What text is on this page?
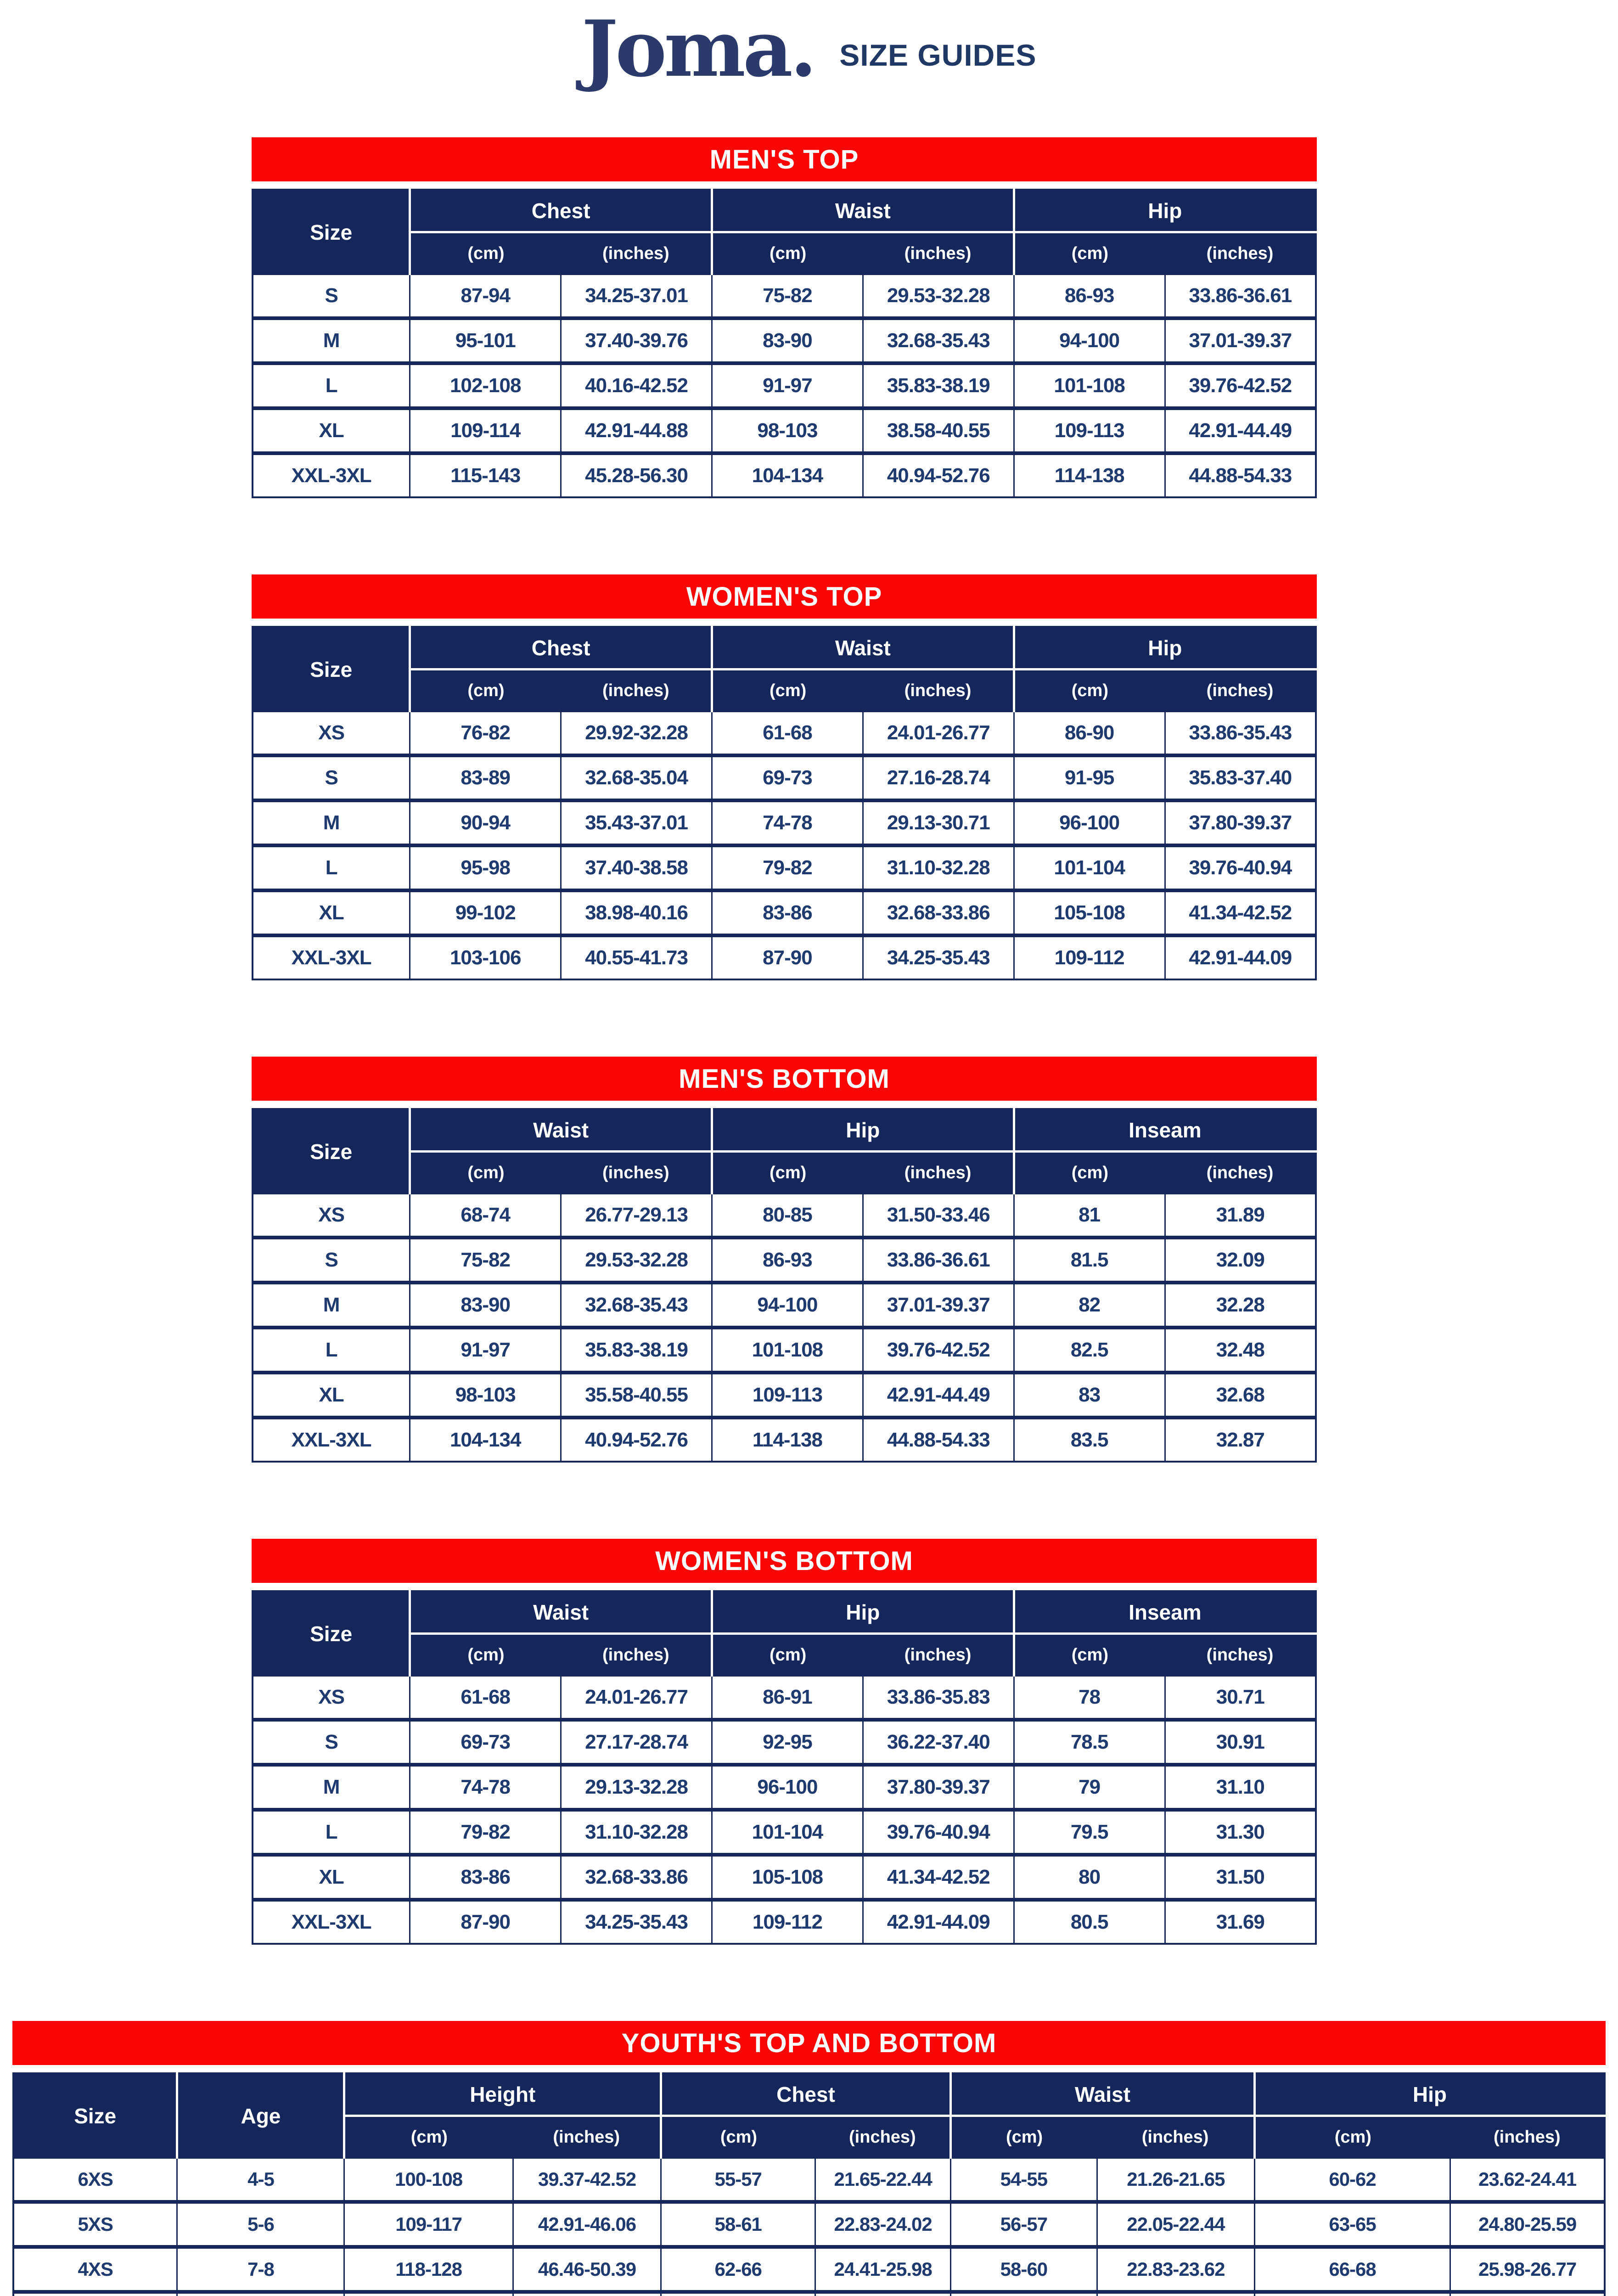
Joma. SIZE GUIDES
MEN'S TOP
Size	Chest		Waist		Hip	
	(cm)	(inches)	(cm)	(inches)	(cm)	(inches)
S	87-94	34.25-37.01	75-82	29.53-32.28	86-93	33.86-36.61
M	95-101	37.40-39.76	83-90	32.68-35.43	94-100	37.01-39.37
L	102-108	40.16-42.52	91-97	35.83-38.19	101-108	39.76-42.52
XL	109-114	42.91-44.88	98-103	38.58-40.55	109-113	42.91-44.49
XXL-3XL	115-143	45.28-56.30	104-134	40.94-52.76	114-138	44.88-54.33
WOMEN'S TOP
Size	Chest		Waist		Hip	
	(cm)	(inches)	(cm)	(inches)	(cm)	(inches)
XS	76-82	29.92-32.28	61-68	24.01-26.77	86-90	33.86-35.43
S	83-89	32.68-35.04	69-73	27.16-28.74	91-95	35.83-37.40
M	90-94	35.43-37.01	74-78	29.13-30.71	96-100	37.80-39.37
L	95-98	37.40-38.58	79-82	31.10-32.28	101-104	39.76-40.94
XL	99-102	38.98-40.16	83-86	32.68-33.86	105-108	41.34-42.52
XXL-3XL	103-106	40.55-41.73	87-90	34.25-35.43	109-112	42.91-44.09
MEN'S BOTTOM
Size	Waist		Hip		Inseam	
	(cm)	(inches)	(cm)	(inches)	(cm)	(inches)
XS	68-74	26.77-29.13	80-85	31.50-33.46	81	31.89
S	75-82	29.53-32.28	86-93	33.86-36.61	81.5	32.09
M	83-90	32.68-35.43	94-100	37.01-39.37	82	32.28
L	91-97	35.83-38.19	101-108	39.76-42.52	82.5	32.48
XL	98-103	35.58-40.55	109-113	42.91-44.49	83	32.68
XXL-3XL	104-134	40.94-52.76	114-138	44.88-54.33	83.5	32.87
WOMEN'S BOTTOM
Size	Waist		Hip		Inseam	
	(cm)	(inches)	(cm)	(inches)	(cm)	(inches)
XS	61-68	24.01-26.77	86-91	33.86-35.83	78	30.71
S	69-73	27.17-28.74	92-95	36.22-37.40	78.5	30.91
M	74-78	29.13-32.28	96-100	37.80-39.37	79	31.10
L	79-82	31.10-32.28	101-104	39.76-40.94	79.5	31.30
XL	83-86	32.68-33.86	105-108	41.34-42.52	80	31.50
XXL-3XL	87-90	34.25-35.43	109-112	42.91-44.09	80.5	31.69
YOUTH'S TOP AND BOTTOM
Size	Age	Height		Chest		Waist		Hip	
		(cm)	(inches)	(cm)	(inches)	(cm)	(inches)	(cm)	(inches)
6XS	4-5	100-108	39.37-42.52	55-57	21.65-22.44	54-55	21.26-21.65	60-62	23.62-24.41
5XS	5-6	109-117	42.91-46.06	58-61	22.83-24.02	56-57	22.05-22.44	63-65	24.80-25.59
4XS	7-8	118-128	46.46-50.39	62-66	24.41-25.98	58-60	22.83-23.62	66-68	25.98-26.77
